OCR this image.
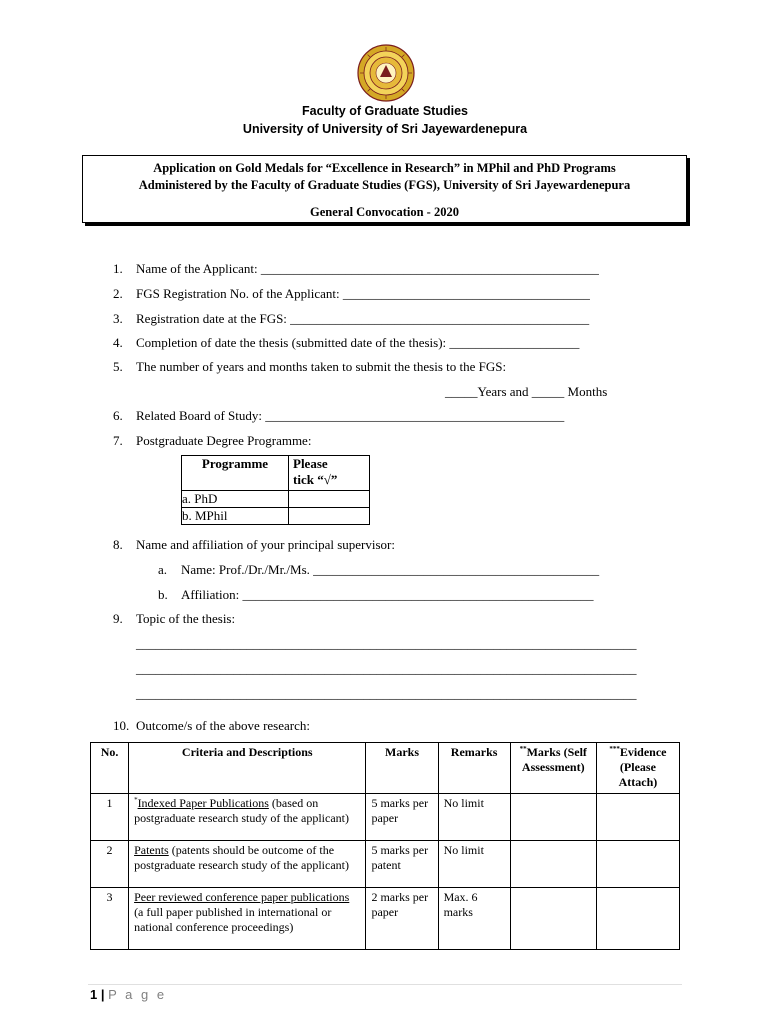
Faculty of Graduate Studies
University of University of Sri Jayewardenepura
Application on Gold Medals for “Excellence in Research” in MPhil and PhD Programs
Administered by the Faculty of Graduate Studies (FGS), University of Sri Jayewardenepura
General Convocation - 2020
1. Name of the Applicant: ____________________________________________________
2. FGS Registration No. of the Applicant: ______________________________________
3. Registration date at the FGS: ______________________________________________
4. Completion of date the thesis (submitted date of the thesis): ____________________
5. The number of years and months taken to submit the thesis to the FGS:
_____Years and _____ Months
6. Related Board of Study: ______________________________________________
7. Postgraduate Degree Programme:
Programme	Please
tick “√”

a. PhD	
b. MPhil	
8. Name and affiliation of your principal supervisor:
a. Name: Prof./Dr./Mr./Ms. ____________________________________________
b. Affiliation: ______________________________________________________
9. Topic of the thesis:
_____________________________________________________________________________
_____________________________________________________________________________
_____________________________________________________________________________
10. Outcome/s of the above research:
No.	Criteria and Descriptions	Marks	Remarks	**Marks (Self Assessment)	***Evidence (Please Attach)
1	*Indexed Paper Publications (based on postgraduate research study of the applicant)	5 marks per paper	No limit		
2	Patents (patents should be outcome of the postgraduate research study of the applicant)	5 marks per patent	No limit		
3	Peer reviewed conference paper publications (a full paper published in international or national conference proceedings)	2 marks per paper	Max. 6 marks		
1 | P a g e
